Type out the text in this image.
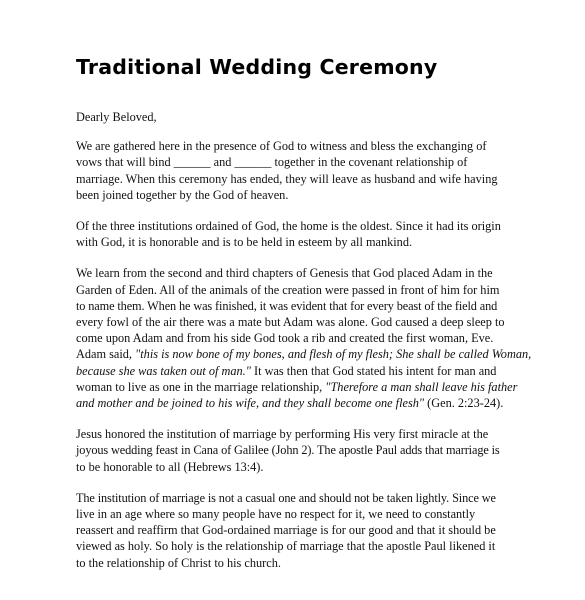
Traditional Wedding Ceremony

Dearly Beloved,

We are gathered here in the presence of God to witness and bless the exchanging of
vows that will bind ______ and ______ together in the covenant relationship of
marriage. When this ceremony has ended, they will leave as husband and wife having
been joined together by the God of heaven.

Of the three institutions ordained of God, the home is the oldest. Since it had its origin
with God, it is honorable and is to be held in esteem by all mankind.

We learn from the second and third chapters of Genesis that God placed Adam in the
Garden of Eden. All of the animals of the creation were passed in front of him for him
to name them. When he was finished, it was evident that for every beast of the field and
every fowl of the air there was a mate but Adam was alone. God caused a deep sleep to
come upon Adam and from his side God took a rib and created the first woman, Eve.
Adam said, "this is now bone of my bones, and flesh of my flesh; She shall be called Woman,
because she was taken out of man." It was then that God stated his intent for man and
woman to live as one in the marriage relationship, "Therefore a man shall leave his father
and mother and be joined to his wife, and they shall become one flesh" (Gen. 2:23-24).

Jesus honored the institution of marriage by performing His very first miracle at the
joyous wedding feast in Cana of Galilee (John 2). The apostle Paul adds that marriage is
to be honorable to all (Hebrews 13:4).

The institution of marriage is not a casual one and should not be taken lightly. Since we
live in an age where so many people have no respect for it, we need to constantly
reassert and reaffirm that God-ordained marriage is for our good and that it should be
viewed as holy. So holy is the relationship of marriage that the apostle Paul likened it
to the relationship of Christ to his church.
